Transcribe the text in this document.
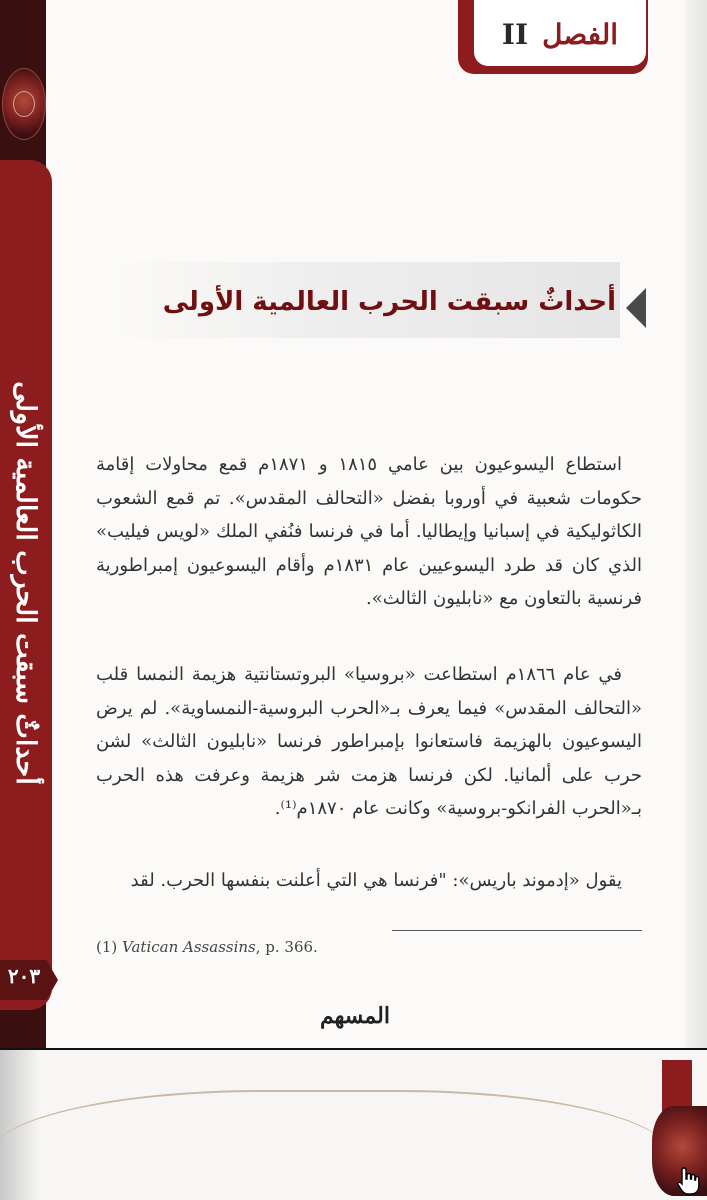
أحداثٌ سبقت الحرب العالمية الأولى
٢٠٣
الفصلII
أحداثٌ سبقت الحرب العالمية الأولى

استطاع اليسوعيون بين عامي ١٨١٥ و ١٨٧١م قمع محاولات إقامة حكومات شعبية في أوروبا بفضل «التحالف المقدس». تم قمع الشعوب الكاثوليكية في إسبانيا وإيطاليا. أما في فرنسا فنُفي الملك «لويس فيليب» الذي كان قد طرد اليسوعيين عام ١٨٣١م وأقام اليسوعيون إمبراطورية فرنسية بالتعاون مع «نابليون الثالث».

في عام ١٨٦٦م استطاعت «بروسيا» البروتستانتية هزيمة النمسا قلب «التحالف المقدس» فيما يعرف بـ«الحرب البروسية-النمساوية». لم يرض اليسوعيون بالهزيمة فاستعانوا بإمبراطور فرنسا «نابليون الثالث» لشن حرب على ألمانيا. لكن فرنسا هزمت شر هزيمة وعرفت هذه الحرب بـ«الحرب الفرانكو-بروسية» وكانت عام ١٨٧٠م⁽¹⁾.

يقول «إدموند باريس»: "فرنسا هي التي أعلنت بنفسها الحرب. لقد

(1) Vatican Assassins, p. 366.
المسهم
